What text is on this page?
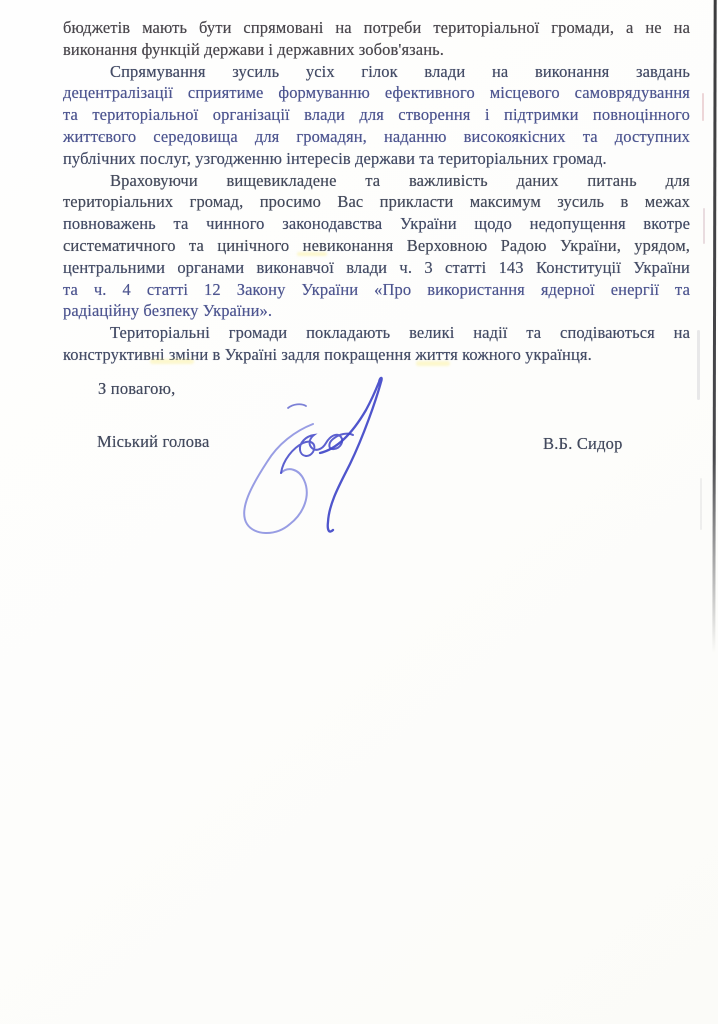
бюджетів мають бути спрямовані на потреби територіальної громади, а не на
виконання функцій держави і державних зобов'язань.
Спрямування зусиль усіх гілок влади на виконання завдань
децентралізації сприятиме формуванню ефективного місцевого самоврядування
та територіальної організації влади для створення і підтримки повноцінного
життєвого середовища для громадян, наданню високоякісних та доступних
публічних послуг, узгодженню інтересів держави та територіальних громад.
Враховуючи вищевикладене та важливість даних питань для
територіальних громад, просимо Вас прикласти максимум зусиль в межах
повноважень та чинного законодавства України щодо недопущення вкотре
систематичного та цинічного невиконання Верховною Радою України, урядом,
центральними органами виконавчої влади ч. 3 статті 143 Конституції України
та ч. 4 статті 12 Закону України «Про використання ядерної енергії та
радіаційну безпеку України».
Територіальні громади покладають великі надії та сподіваються на
конструктивні зміни в Україні задля покращення життя кожного українця.
З повагою,
Міський голова	В.Б. Сидор
